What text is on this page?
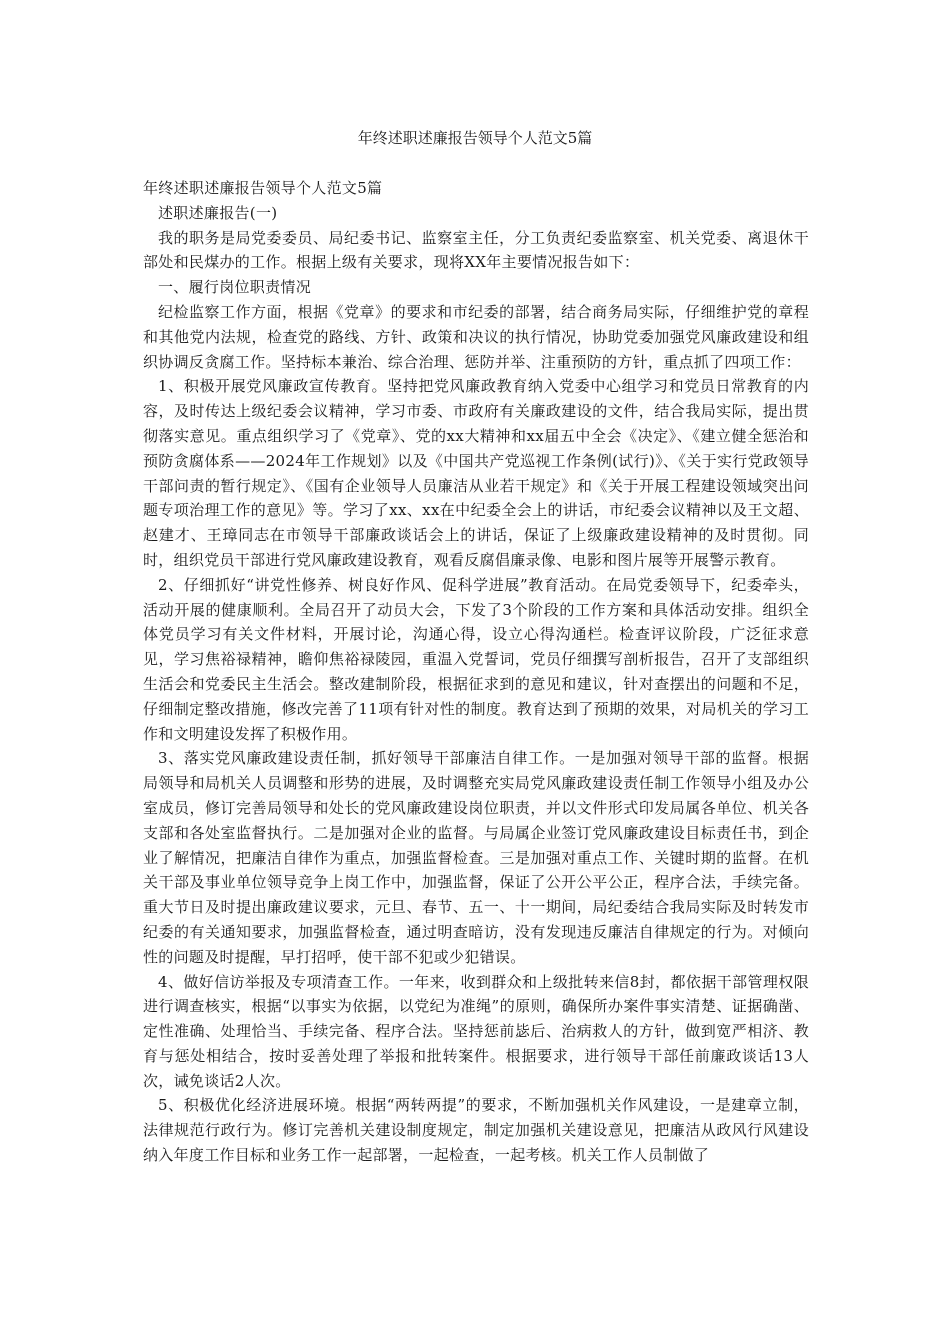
年终述职述廉报告领导个人范文5篇

年终述职述廉报告领导个人范文5篇

述职述廉报告(一)

我的职务是局党委委员、局纪委书记、监察室主任，分工负责纪委监察室、机关党委、离退休干部处和民煤办的工作。根据上级有关要求，现将XX年主要情况报告如下：

一、履行岗位职责情况

纪检监察工作方面，根据《党章》的要求和市纪委的部署，结合商务局实际，仔细维护党的章程和其他党内法规，检查党的路线、方针、政策和决议的执行情况，协助党委加强党风廉政建设和组织协调反贪腐工作。坚持标本兼治、综合治理、惩防并举、注重预防的方针，重点抓了四项工作：

1、积极开展党风廉政宣传教育。坚持把党风廉政教育纳入党委中心组学习和党员日常教育的内容，及时传达上级纪委会议精神，学习市委、市政府有关廉政建设的文件，结合我局实际，提出贯彻落实意见。重点组织学习了《党章》、党的xx大精神和xx届五中全会《决定》、《建立健全惩治和预防贪腐体系——2024年工作规划》以及《中国共产党巡视工作条例(试行)》、《关于实行党政领导干部问责的暂行规定》、《国有企业领导人员廉洁从业若干规定》和《关于开展工程建设领域突出问题专项治理工作的意见》等。学习了xx、xx在中纪委全会上的讲话，市纪委会议精神以及王文超、赵建才、王璋同志在市领导干部廉政谈话会上的讲话，保证了上级廉政建设精神的及时贯彻。同时，组织党员干部进行党风廉政建设教育，观看反腐倡廉录像、电影和图片展等开展警示教育。

2、仔细抓好“讲党性修养、树良好作风、促科学进展”教育活动。在局党委领导下，纪委牵头，活动开展的健康顺利。全局召开了动员大会，下发了3个阶段的工作方案和具体活动安排。组织全体党员学习有关文件材料，开展讨论，沟通心得，设立心得沟通栏。检查评议阶段，广泛征求意见，学习焦裕禄精神，瞻仰焦裕禄陵园，重温入党誓词，党员仔细撰写剖析报告，召开了支部组织生活会和党委民主生活会。整改建制阶段，根据征求到的意见和建议，针对查摆出的问题和不足，仔细制定整改措施，修改完善了11项有针对性的制度。教育达到了预期的效果，对局机关的学习工作和文明建设发挥了积极作用。

3、落实党风廉政建设责任制，抓好领导干部廉洁自律工作。一是加强对领导干部的监督。根据局领导和局机关人员调整和形势的进展，及时调整充实局党风廉政建设责任制工作领导小组及办公室成员，修订完善局领导和处长的党风廉政建设岗位职责，并以文件形式印发局属各单位、机关各支部和各处室监督执行。二是加强对企业的监督。与局属企业签订党风廉政建设目标责任书，到企业了解情况，把廉洁自律作为重点，加强监督检查。三是加强对重点工作、关键时期的监督。在机关干部及事业单位领导竞争上岗工作中，加强监督，保证了公开公平公正，程序合法，手续完备。重大节日及时提出廉政建议要求，元旦、春节、五一、十一期间，局纪委结合我局实际及时转发市纪委的有关通知要求，加强监督检查，通过明查暗访，没有发现违反廉洁自律规定的行为。对倾向性的问题及时提醒，早打招呼，使干部不犯或少犯错误。

4、做好信访举报及专项清查工作。一年来，收到群众和上级批转来信8封，都依据干部管理权限进行调查核实，根据“以事实为依据，以党纪为准绳”的原则，确保所办案件事实清楚、证据确凿、定性准确、处理恰当、手续完备、程序合法。坚持惩前毖后、治病救人的方针，做到宽严相济、教育与惩处相结合，按时妥善处理了举报和批转案件。根据要求，进行领导干部任前廉政谈话13人次，诫免谈话2人次。

5、积极优化经济进展环境。根据“两转两提”的要求，不断加强机关作风建设，一是建章立制，法律规范行政行为。修订完善机关建设制度规定，制定加强机关建设意见，把廉洁从政风行风建设纳入年度工作目标和业务工作一起部署，一起检查，一起考核。机关工作人员制做了
